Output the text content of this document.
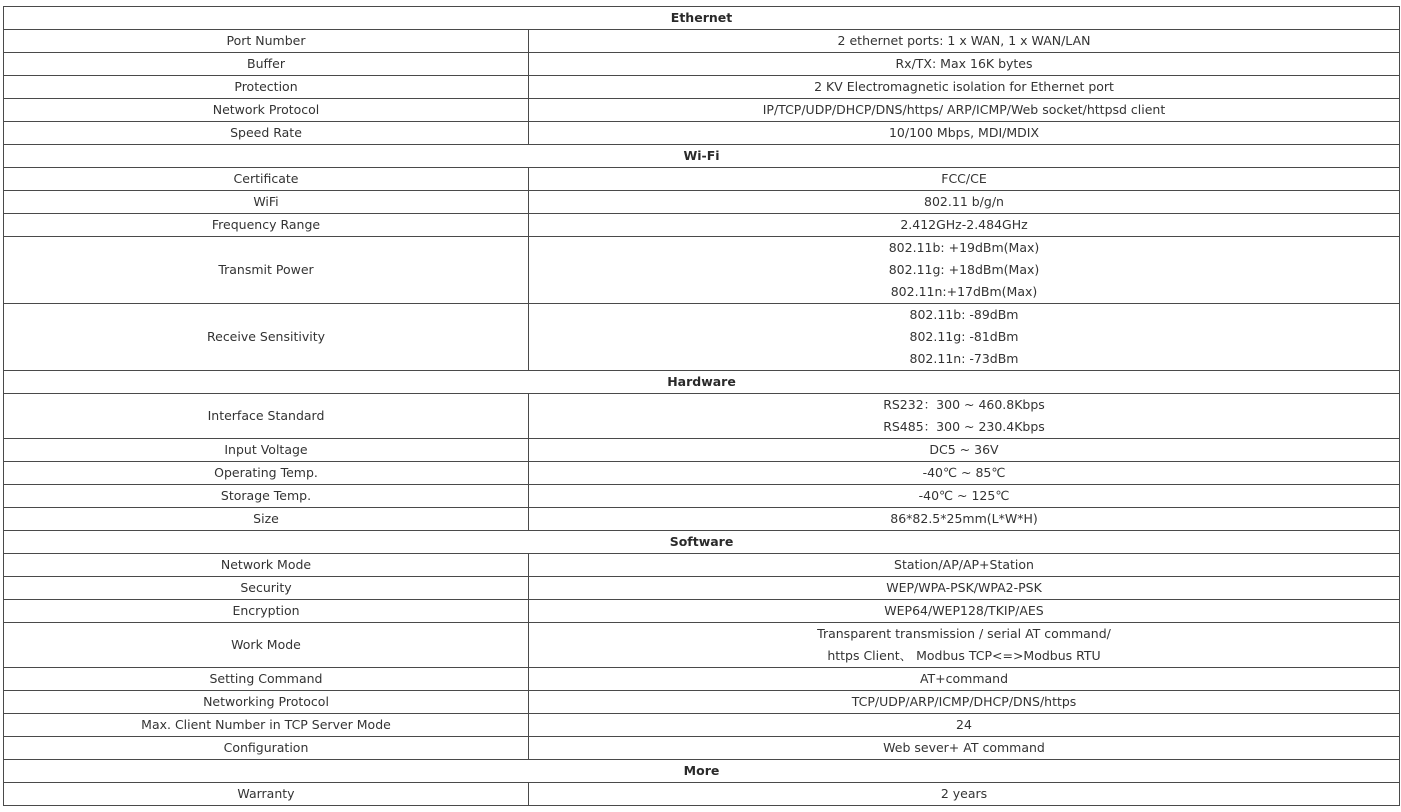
Ethernet	
Port Number	2 ethernet ports: 1 x WAN, 1 x WAN/LAN

Buffer	Rx/TX: Max 16K bytes

Protection	2 KV Electromagnetic isolation for Ethernet port

Network Protocol	IP/TCP/UDP/DHCP/DNS/https/ ARP/ICMP/Web socket/httpsd client

Speed Rate	10/100 Mbps, MDI/MDIX

Wi-Fi	
Certificate	FCC/CE

WiFi	802.11 b/g/n

Frequency Range	2.412GHz-2.484GHz

Transmit Power	802.11b: +19dBm(Max)
802.11g: +18dBm(Max)
802.11n:+17dBm(Max)

Receive Sensitivity	802.11b: -89dBm
802.11g: -81dBm
802.11n: -73dBm

Hardware	
Interface Standard	RS232：300 ~ 460.8Kbps
RS485：300 ~ 230.4Kbps

Input Voltage	DC5 ~ 36V

Operating Temp.	-40℃ ~ 85℃

Storage Temp.	-40℃ ~ 125℃

Size	86*82.5*25mm(L*W*H)

Software	
Network Mode	Station/AP/AP+Station

Security	WEP/WPA-PSK/WPA2-PSK

Encryption	WEP64/WEP128/TKIP/AES

Work Mode	Transparent transmission / serial AT command/
https Client、 Modbus TCP<=>Modbus RTU

Setting Command	AT+command

Networking Protocol	TCP/UDP/ARP/ICMP/DHCP/DNS/https

Max. Client Number in TCP Server Mode	24

Configuration	Web sever+ AT command

More	
Warranty	2 years
